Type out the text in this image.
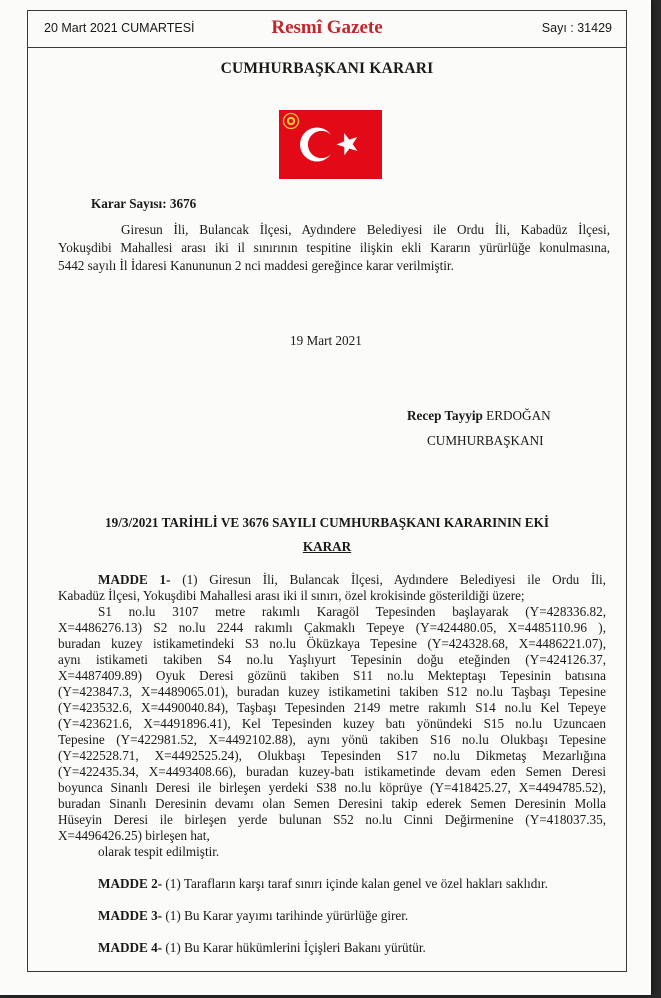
20 Mart 2021 CUMARTESİ	Resmî Gazete	Sayı : 31429
CUMHURBAŞKANI KARARI
Karar Sayısı: 3676
Giresun İli, Bulancak İlçesi, Aydındere Belediyesi ile Ordu İli, Kabadüz İlçesi,
Yokuşdibi Mahallesi arası iki il sınırının tespitine ilişkin ekli Kararın yürürlüğe konulmasına,
5442 sayılı İl İdaresi Kanununun 2 nci maddesi gereğince karar verilmiştir.
19 Mart 2021
Recep Tayyip ERDOĞAN
CUMHURBAŞKANI
19/3/2021 TARİHLİ VE 3676 SAYILI CUMHURBAŞKANI KARARININ EKİ
KARAR
MADDE 1- (1) Giresun İli, Bulancak İlçesi, Aydındere Belediyesi ile Ordu İli,
Kabadüz İlçesi, Yokuşdibi Mahallesi arası iki il sınırı, özel krokisinde gösterildiği üzere;
S1 no.lu 3107 metre rakımlı Karagöl Tepesinden başlayarak (Y=428336.82,
X=4486276.13) S2 no.lu 2244 rakımlı Çakmaklı Tepeye (Y=424480.05, X=4485110.96 ),
buradan kuzey istikametindeki S3 no.lu Öküzkaya Tepesine (Y=424328.68, X=4486221.07),
aynı istikameti takiben S4 no.lu Yaşlıyurt Tepesinin doğu eteğinden (Y=424126.37,
X=4487409.89) Oyuk Deresi gözünü takiben S11 no.lu Mekteptaşı Tepesinin batısına
(Y=423847.3, X=4489065.01), buradan kuzey istikametini takiben S12 no.lu Taşbaşı Tepesine
(Y=423532.6, X=4490040.84), Taşbaşı Tepesinden 2149 metre rakımlı S14 no.lu Kel Tepeye
(Y=423621.6, X=4491896.41), Kel Tepesinden kuzey batı yönündeki S15 no.lu Uzuncaen
Tepesine (Y=422981.52, X=4492102.88), aynı yönü takiben S16 no.lu Olukbaşı Tepesine
(Y=422528.71, X=4492525.24), Olukbaşı Tepesinden S17 no.lu Dikmetaş Mezarlığına
(Y=422435.34, X=4493408.66), buradan kuzey-batı istikametinde devam eden Semen Deresi
boyunca Sinanlı Deresi ile birleşen yerdeki S38 no.lu köprüye (Y=418425.27, X=4494785.52),
buradan Sinanlı Deresinin devamı olan Semen Deresini takip ederek Semen Deresinin Molla
Hüseyin Deresi ile birleşen yerde bulunan S52 no.lu Cinni Değirmenine (Y=418037.35,
X=4496426.25) birleşen hat,
olarak tespit edilmiştir.
MADDE 2- (1) Tarafların karşı taraf sınırı içinde kalan genel ve özel hakları saklıdır.
MADDE 3- (1) Bu Karar yayımı tarihinde yürürlüğe girer.
MADDE 4- (1) Bu Karar hükümlerini İçişleri Bakanı yürütür.
